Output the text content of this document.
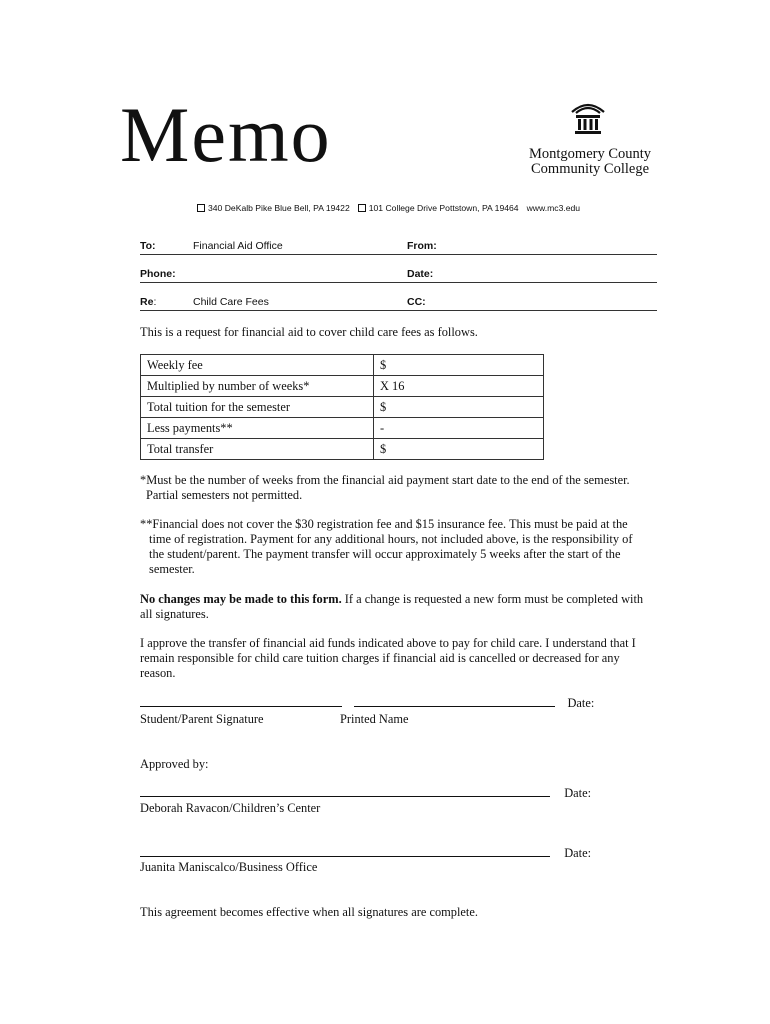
Memo	Montgomery County
Community College
340 DeKalb Pike Blue Bell, PA 19422 101 College Drive Pottstown, PA 19464 www.mc3.edu
To:	Financial Aid Office	From:
Phone:	Date:
Re:	Child Care Fees	CC:
This is a request for financial aid to cover child care fees as follows.
Weekly fee	$
Multiplied by number of weeks*	X 16
Total tuition for the semester	$
Less payments**	-
Total transfer	$
*Must be the number of weeks from the financial aid payment start date to the end of the semester.
Partial semesters not permitted.
**Financial does not cover the $30 registration fee and $15 insurance fee. This must be paid at the
time of registration. Payment for any additional hours, not included above, is the responsibility of
the student/parent. The payment transfer will occur approximately 5 weeks after the start of the
semester.
No changes may be made to this form. If a change is requested a new form must be completed with
all signatures.
I approve the transfer of financial aid funds indicated above to pay for child care. I understand that I
remain responsible for child care tuition charges if financial aid is cancelled or decreased for any
reason.
Date:
Student/Parent Signature	Printed Name
Approved by:
Date:
Deborah Ravacon/Children’s Center
Date:
Juanita Maniscalco/Business Office
This agreement becomes effective when all signatures are complete.
